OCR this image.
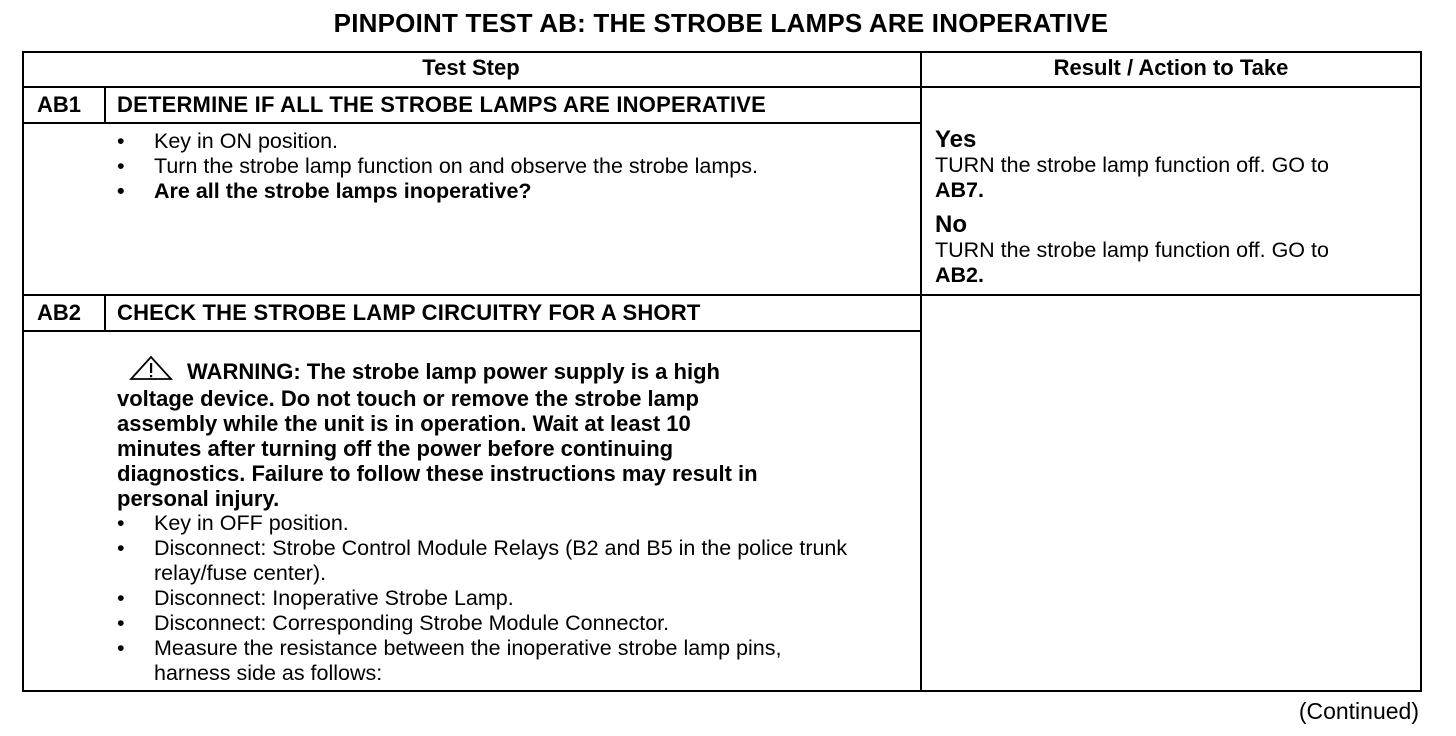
PINPOINT TEST AB: THE STROBE LAMPS ARE INOPERATIVE
Test Step	Result / Action to Take
AB1 DETERMINE IF ALL THE STROBE LAMPS ARE INOPERATIVE
• Key in ON position.
• Turn the strobe lamp function on and observe the strobe lamps.
• Are all the strobe lamps inoperative?
Yes
TURN the strobe lamp function off. GO to
AB7.
No
TURN the strobe lamp function off. GO to
AB2.
AB2 CHECK THE STROBE LAMP CIRCUITRY FOR A SHORT
WARNING: The strobe lamp power supply is a high
voltage device. Do not touch or remove the strobe lamp
assembly while the unit is in operation. Wait at least 10
minutes after turning off the power before continuing
diagnostics. Failure to follow these instructions may result in
personal injury.
• Key in OFF position.
• Disconnect: Strobe Control Module Relays (B2 and B5 in the police trunk relay/fuse center).
• Disconnect: Inoperative Strobe Lamp.
• Disconnect: Corresponding Strobe Module Connector.
• Measure the resistance between the inoperative strobe lamp pins, harness side as follows:
(Continued)
